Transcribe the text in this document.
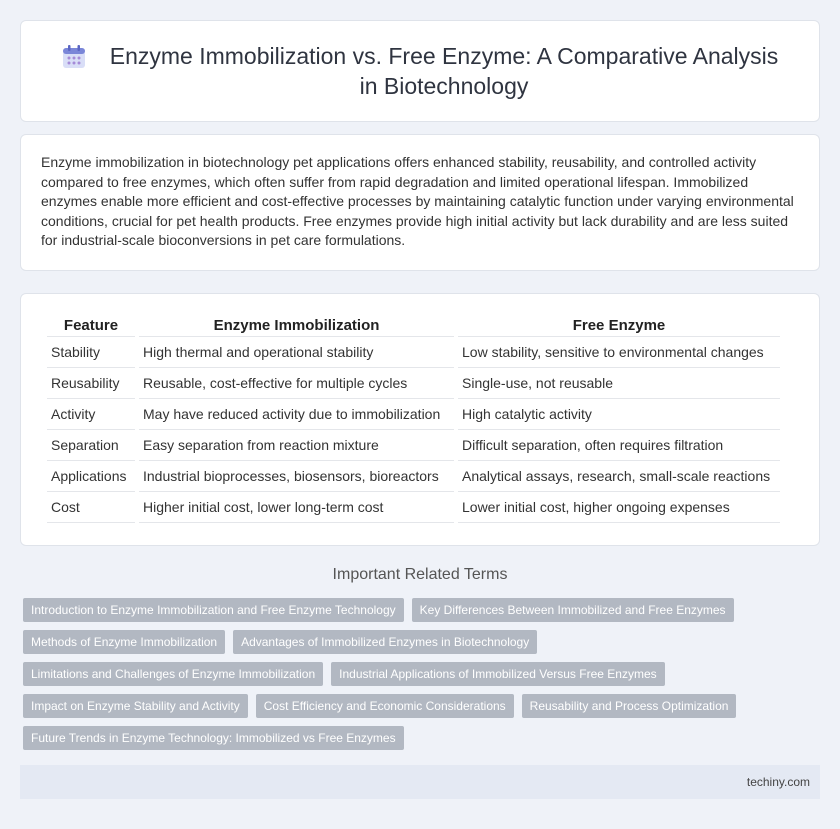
Enzyme Immobilization vs. Free Enzyme: A Comparative Analysis in Biotechnology

Enzyme immobilization in biotechnology pet applications offers enhanced stability, reusability, and controlled activity compared to free enzymes, which often suffer from rapid degradation and limited operational lifespan. Immobilized enzymes enable more efficient and cost-effective processes by maintaining catalytic function under varying environmental conditions, crucial for pet health products. Free enzymes provide high initial activity but lack durability and are less suited for industrial-scale bioconversions in pet care formulations.

Feature	Enzyme Immobilization	Free Enzyme
Stability	High thermal and operational stability	Low stability, sensitive to environmental changes
Reusability	Reusable, cost-effective for multiple cycles	Single-use, not reusable
Activity	May have reduced activity due to immobilization	High catalytic activity
Separation	Easy separation from reaction mixture	Difficult separation, often requires filtration
Applications	Industrial bioprocesses, biosensors, bioreactors	Analytical assays, research, small-scale reactions
Cost	Higher initial cost, lower long-term cost	Lower initial cost, higher ongoing expenses
Important Related Terms
Introduction to Enzyme Immobilization and Free Enzyme Technology	Key Differences Between Immobilized and Free Enzymes
Methods of Enzyme Immobilization	Advantages of Immobilized Enzymes in Biotechnology
Limitations and Challenges of Enzyme Immobilization	Industrial Applications of Immobilized Versus Free Enzymes
Impact on Enzyme Stability and Activity	Cost Efficiency and Economic Considerations	Reusability and Process Optimization
Future Trends in Enzyme Technology: Immobilized vs Free Enzymes
techiny.com
